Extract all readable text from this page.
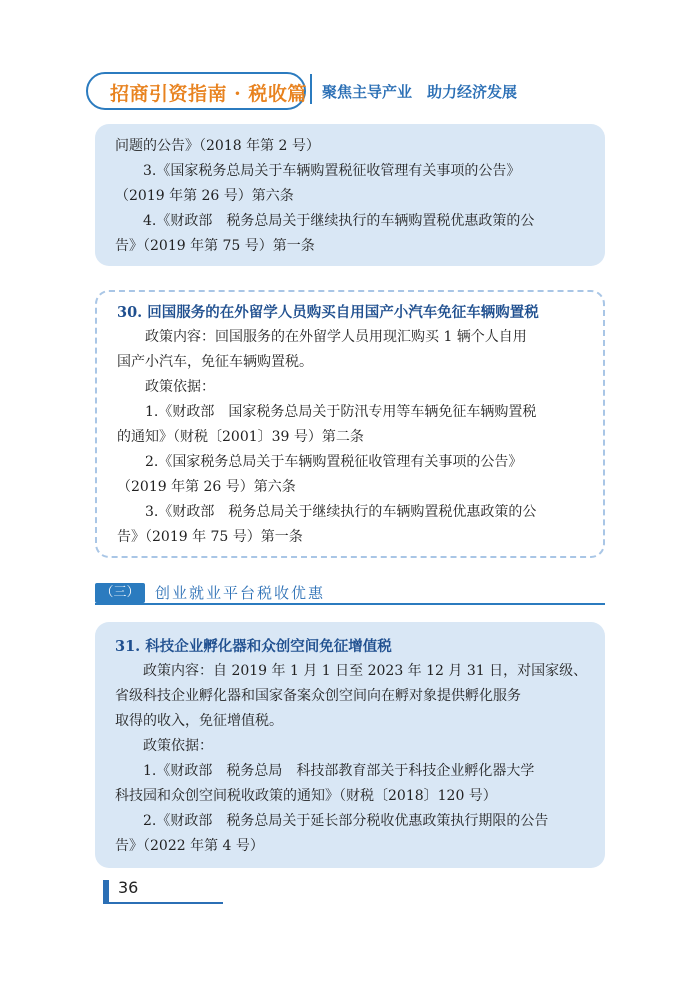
招商引资指南 · 税收篇 聚焦主导产业　助力经济发展

问题的公告》（2018 年第 2 号）

3.《国家税务总局关于车辆购置税征收管理有关事项的公告》

（2019 年第 26 号）第六条

4.《财政部　税务总局关于继续执行的车辆购置税优惠政策的公

告》（2019 年第 75 号）第一条

30. 回国服务的在外留学人员购买自用国产小汽车免征车辆购置税

政策内容：回国服务的在外留学人员用现汇购买 1 辆个人自用

国产小汽车，免征车辆购置税。

政策依据：

1.《财政部　国家税务总局关于防汛专用等车辆免征车辆购置税

的通知》（财税〔2001〕39 号）第二条

2.《国家税务总局关于车辆购置税征收管理有关事项的公告》

（2019 年第 26 号）第六条

3.《财政部　税务总局关于继续执行的车辆购置税优惠政策的公

告》（2019 年 75 号）第一条

（三）	创业就业平台税收优惠

31. 科技企业孵化器和众创空间免征增值税

政策内容：自 2019 年 1 月 1 日至 2023 年 12 月 31 日，对国家级、

省级科技企业孵化器和国家备案众创空间向在孵对象提供孵化服务

取得的收入，免征增值税。

政策依据：

1.《财政部　税务总局　科技部教育部关于科技企业孵化器大学

科技园和众创空间税收政策的通知》（财税〔2018〕120 号）

2.《财政部　税务总局关于延长部分税收优惠政策执行期限的公告

告》（2022 年第 4 号）

36
